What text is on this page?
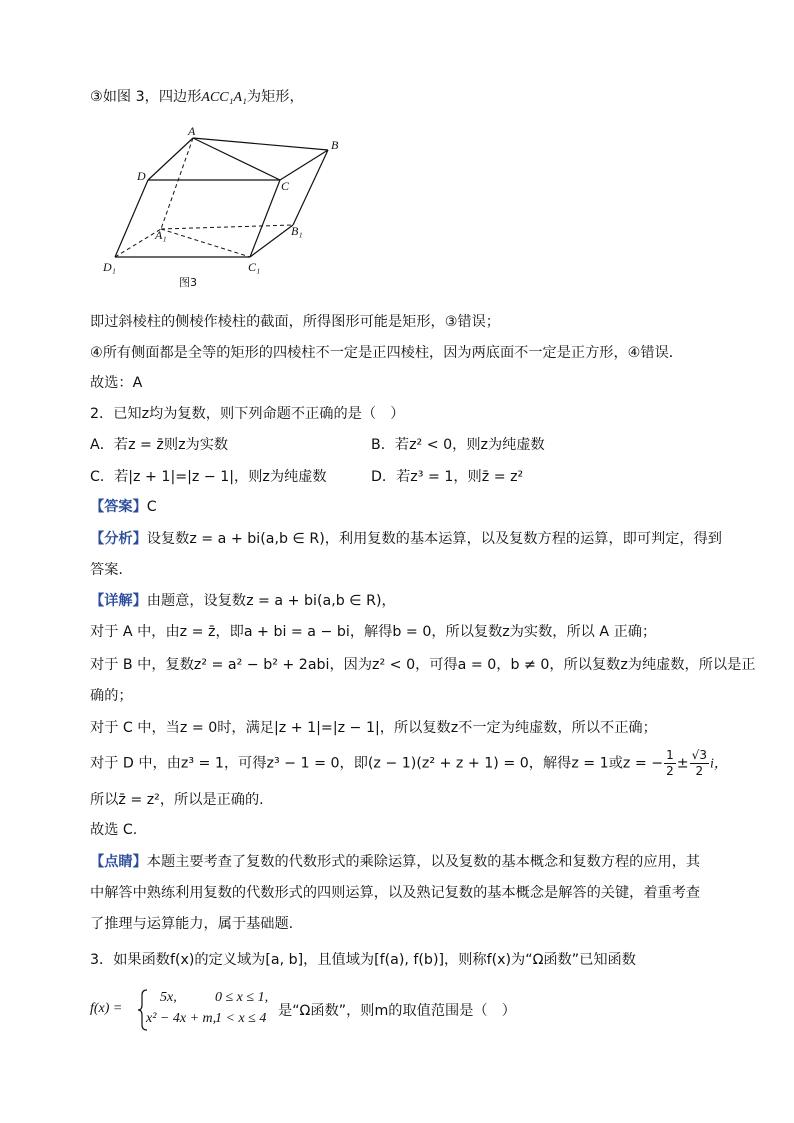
③如图 3，四边形ACC₁A₁为矩形，
A
B
C
D
A₁	B₁
C₁
D₁
图3
即过斜棱柱的侧棱作棱柱的截面，所得图形可能是矩形，③错误；
④所有侧面都是全等的矩形的四棱柱不一定是正四棱柱，因为两底面不一定是正方形，④错误．
故选：A
2．已知z均为复数，则下列命题不正确的是（　）
A．若z = z̄则z为实数	B．若z² < 0，则z为纯虚数
C．若|z + 1|=|z − 1|，则z为纯虚数	D．若z³ = 1，则z̄ = z²
【答案】C
【分析】设复数z = a + bi(a,b ∈ R)，利用复数的基本运算，以及复数方程的运算，即可判定，得到
答案.
【详解】由题意，设复数z = a + bi(a,b ∈ R)，
对于 A 中，由z = z̄，即a + bi = a − bi，解得b = 0，所以复数z为实数，所以 A 正确；
对于 B 中，复数z² = a² − b² + 2abi，因为z² < 0，可得a = 0，b ≠ 0，所以复数z为纯虚数，所以是正
确的；
对于 C 中，当z = 0时，满足|z + 1|=|z − 1|，所以复数z不一定为纯虚数，所以不正确；
对于 D 中，由z³ = 1，可得z³ − 1 = 0，即(z − 1)(z² + z + 1) = 0，解得z = 1或z = − $\frac{1}{2} \pm \frac{√3}{2}$ i，
所以z̄ = z²，所以是正确的.
故选 C.
【点睛】本题主要考查了复数的代数形式的乘除运算，以及复数的基本概念和复数方程的应用，其
中解答中熟练利用复数的代数形式的四则运算，以及熟记复数的基本概念是解答的关键，着重考查
了推理与运算能力，属于基础题.
3．如果函数f(x)的定义域为[a, b]，且值域为[f(a), f(b)]，则称f(x)为“Ω函数”已知函数
f(x) =
5x,	0 ≤ x ≤ 1,
x² − 4x + m,
1 < x ≤ 4 是“Ω函数”，则m的取值范围是（　）
